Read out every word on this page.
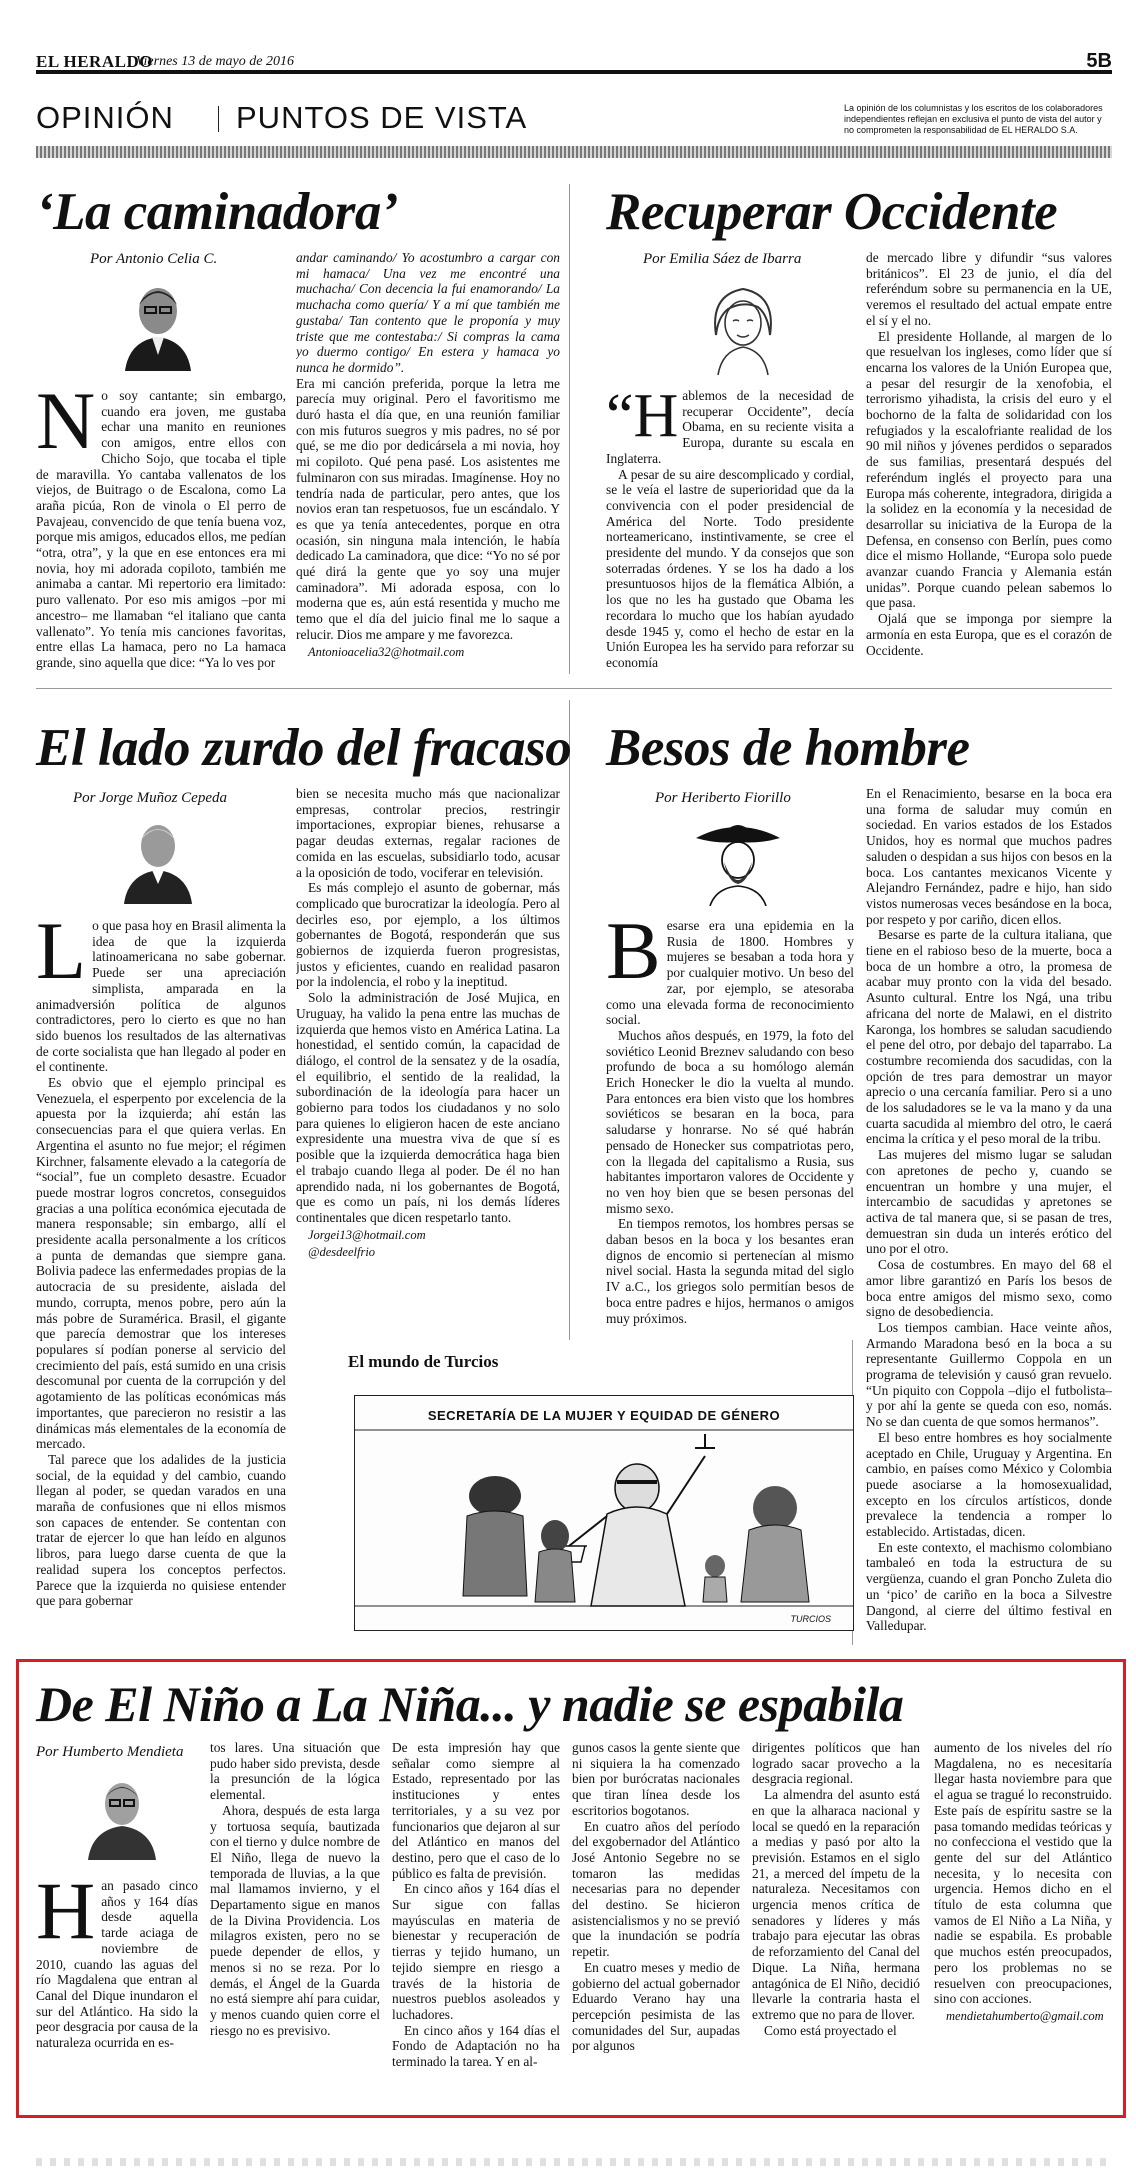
EL HERALDO
Viernes 13 de mayo de 2016	5B
OPINIÓN PUNTOS DE VISTA	La opinión de los columnistas y los escritos de los colaboradores independientes reflejan en exclusiva el punto de vista del autor y no comprometen la responsabilidad de EL HERALDO S.A.
‘La caminadora’
Por Antonio Celia C.

No soy cantante; sin embargo, cuando era joven, me gustaba echar una manito en reuniones con amigos, entre ellos con Chicho Sojo, que tocaba el tiple de maravilla. Yo cantaba vallenatos de los viejos, de Buitrago o de Escalona, como La araña picúa, Ron de vinola o El perro de Pavajeau, convencido de que tenía buena voz, porque mis amigos, educados ellos, me pedían “otra, otra”, y la que en ese entonces era mi novia, hoy mi adorada copiloto, también me animaba a cantar. Mi repertorio era limitado: puro vallenato. Por eso mis amigos –por mi ancestro– me llamaban “el italiano que canta vallenato”. Yo tenía mis canciones favoritas, entre ellas La hamaca, pero no La hamaca grande, sino aquella que dice: “Ya lo ves por

andar caminando/ Yo acostumbro a cargar con mi hamaca/ Una vez me encontré una muchacha/ Con decencia la fui enamorando/ La muchacha como quería/ Y a mí que también me gustaba/ Tan contento que le proponía y muy triste que me contestaba:/ Si compras la cama yo duermo contigo/ En estera y hamaca yo nunca he dormido”.

Era mi canción preferida, porque la letra me parecía muy original. Pero el favoritismo me duró hasta el día que, en una reunión familiar con mis futuros suegros y mis padres, no sé por qué, se me dio por dedicársela a mi novia, hoy mi copiloto. Qué pena pasé. Los asistentes me fulminaron con sus miradas. Imagínense. Hoy no tendría nada de particular, pero antes, que los novios eran tan respetuosos, fue un escándalo. Y es que ya tenía antecedentes, porque en otra ocasión, sin ninguna mala intención, le había dedicado La caminadora, que dice: “Yo no sé por qué dirá la gente que yo soy una mujer caminadora”. Mi adorada esposa, con lo moderna que es, aún está resentida y mucho me temo que el día del juicio final me lo saque a relucir. Dios me ampare y me favorezca.

Antonioacelia32@hotmail.com

Recuperar Occidente
Por Emilia Sáez de Ibarra

“Hablemos de la necesidad de recuperar Occidente”, decía Obama, en su reciente visita a Europa, durante su escala en Inglaterra.

A pesar de su aire descomplicado y cordial, se le veía el lastre de superioridad que da la convivencia con el poder presidencial de América del Norte. Todo presidente norteamericano, instintivamente, se cree el presidente del mundo. Y da consejos que son soterradas órdenes. Y se los ha dado a los presuntuosos hijos de la flemática Albión, a los que no les ha gustado que Obama les recordara lo mucho que los habían ayudado desde 1945 y, como el hecho de estar en la Unión Europea les ha servido para reforzar su economía

de mercado libre y difundir “sus valores británicos”. El 23 de junio, el día del referéndum sobre su permanencia en la UE, veremos el resultado del actual empate entre el sí y el no.

El presidente Hollande, al margen de lo que resuelvan los ingleses, como líder que sí encarna los valores de la Unión Europea que, a pesar del resurgir de la xenofobia, el terrorismo yihadista, la crisis del euro y el bochorno de la falta de solidaridad con los refugiados y la escalofriante realidad de los 90 mil niños y jóvenes perdidos o separados de sus familias, presentará después del referéndum inglés el proyecto para una Europa más coherente, integradora, dirigida a la solidez en la economía y la necesidad de desarrollar su iniciativa de la Europa de la Defensa, en consenso con Berlín, pues como dice el mismo Hollande, “Europa solo puede avanzar cuando Francia y Alemania están unidas”. Porque cuando pelean sabemos lo que pasa.

Ojalá que se imponga por siempre la armonía en esta Europa, que es el corazón de Occidente.

El lado zurdo del fracaso
Por Jorge Muñoz Cepeda

Lo que pasa hoy en Brasil alimenta la idea de que la izquierda latinoamericana no sabe gobernar. Puede ser una apreciación simplista, amparada en la animadversión política de algunos contradictores, pero lo cierto es que no han sido buenos los resultados de las alternativas de corte socialista que han llegado al poder en el continente.

Es obvio que el ejemplo principal es Venezuela, el esperpento por excelencia de la apuesta por la izquierda; ahí están las consecuencias para el que quiera verlas. En Argentina el asunto no fue mejor; el régimen Kirchner, falsamente elevado a la categoría de “social”, fue un completo desastre. Ecuador puede mostrar logros concretos, conseguidos gracias a una política económica ejecutada de manera responsable; sin embargo, allí el presidente acalla personalmente a los críticos a punta de demandas que siempre gana. Bolivia padece las enfermedades propias de la autocracia de su presidente, aislada del mundo, corrupta, menos pobre, pero aún la más pobre de Suramérica. Brasil, el gigante que parecía demostrar que los intereses populares sí podían ponerse al servicio del crecimiento del país, está sumido en una crisis descomunal por cuenta de la corrupción y del agotamiento de las políticas económicas más importantes, que parecieron no resistir a las dinámicas más elementales de la economía de mercado.

Tal parece que los adalides de la justicia social, de la equidad y del cambio, cuando llegan al poder, se quedan varados en una maraña de confusiones que ni ellos mismos son capaces de entender. Se contentan con tratar de ejercer lo que han leído en algunos libros, para luego darse cuenta de que la realidad supera los conceptos perfectos. Parece que la izquierda no quisiese entender que para gobernar

bien se necesita mucho más que nacionalizar empresas, controlar precios, restringir importaciones, expropiar bienes, rehusarse a pagar deudas externas, regalar raciones de comida en las escuelas, subsidiarlo todo, acusar a la oposición de todo, vociferar en televisión.

Es más complejo el asunto de gobernar, más complicado que burocratizar la ideología. Pero al decirles eso, por ejemplo, a los últimos gobernantes de Bogotá, responderán que sus gobiernos de izquierda fueron progresistas, justos y eficientes, cuando en realidad pasaron por la indolencia, el robo y la ineptitud.

Solo la administración de José Mujica, en Uruguay, ha valido la pena entre las muchas de izquierda que hemos visto en América Latina. La honestidad, el sentido común, la capacidad de diálogo, el control de la sensatez y de la osadía, el equilibrio, el sentido de la realidad, la subordinación de la ideología para hacer un gobierno para todos los ciudadanos y no solo para quienes lo eligieron hacen de este anciano expresidente una muestra viva de que sí es posible que la izquierda democrática haga bien el trabajo cuando llega al poder. De él no han aprendido nada, ni los gobernantes de Bogotá, que es como un país, ni los demás líderes continentales que dicen respetarlo tanto.

Jorgei13@hotmail.com

@desdeelfrio

Besos de hombre
Por Heriberto Fiorillo

Besarse era una epidemia en la Rusia de 1800. Hombres y mujeres se besaban a toda hora y por cualquier motivo. Un beso del zar, por ejemplo, se atesoraba como una elevada forma de reconocimiento social.

Muchos años después, en 1979, la foto del soviético Leonid Breznev saludando con beso profundo de boca a su homólogo alemán Erich Honecker le dio la vuelta al mundo. Para entonces era bien visto que los hombres soviéticos se besaran en la boca, para saludarse y honrarse. No sé qué habrán pensado de Honecker sus compatriotas pero, con la llegada del capitalismo a Rusia, sus habitantes importaron valores de Occidente y no ven hoy bien que se besen personas del mismo sexo.

En tiempos remotos, los hombres persas se daban besos en la boca y los besantes eran dignos de encomio si pertenecían al mismo nivel social. Hasta la segunda mitad del siglo IV a.C., los griegos solo permitían besos de boca entre padres e hijos, hermanos o amigos muy próximos.

En el Renacimiento, besarse en la boca era una forma de saludar muy común en sociedad. En varios estados de los Estados Unidos, hoy es normal que muchos padres saluden o despidan a sus hijos con besos en la boca. Los cantantes mexicanos Vicente y Alejandro Fernández, padre e hijo, han sido vistos numerosas veces besándose en la boca, por respeto y por cariño, dicen ellos.

Besarse es parte de la cultura italiana, que tiene en el rabioso beso de la muerte, boca a boca de un hombre a otro, la promesa de acabar muy pronto con la vida del besado. Asunto cultural. Entre los Ngá, una tribu africana del norte de Malawi, en el distrito Karonga, los hombres se saludan sacudiendo el pene del otro, por debajo del taparrabo. La costumbre recomienda dos sacudidas, con la opción de tres para demostrar un mayor aprecio o una cercanía familiar. Pero si a uno de los saludadores se le va la mano y da una cuarta sacudida al miembro del otro, le caerá encima la crítica y el peso moral de la tribu.

Las mujeres del mismo lugar se saludan con apretones de pecho y, cuando se encuentran un hombre y una mujer, el intercambio de sacudidas y apretones se activa de tal manera que, si se pasan de tres, demuestran sin duda un interés erótico del uno por el otro.

Cosa de costumbres. En mayo del 68 el amor libre garantizó en París los besos de boca entre amigos del mismo sexo, como signo de desobediencia.

Los tiempos cambian. Hace veinte años, Armando Maradona besó en la boca a su representante Guillermo Coppola en un programa de televisión y causó gran revuelo. “Un piquito con Coppola –dijo el futbolista– y por ahí la gente se queda con eso, nomás. No se dan cuenta de que somos hermanos”.

El beso entre hombres es hoy socialmente aceptado en Chile, Uruguay y Argentina. En cambio, en países como México y Colombia puede asociarse a la homosexualidad, excepto en los círculos artísticos, donde prevalece la tendencia a romper lo establecido. Artistadas, dicen.

En este contexto, el machismo colombiano tambaleó en toda la estructura de su vergüenza, cuando el gran Poncho Zuleta dio un ‘pico’ de cariño en la boca a Silvestre Dangond, al cierre del último festival en Valledupar.

El mundo de Turcios
SECRETARÍA DE LA MUJER Y EQUIDAD DE GÉNERO
TURCIOS
De El Niño a La Niña... y nadie se espabila
Por Humberto Mendieta

Han pasado cinco años y 164 días desde aquella tarde aciaga de noviembre de 2010, cuando las aguas del río Magdalena que entran al Canal del Dique inundaron el sur del Atlántico. Ha sido la peor desgracia por causa de la naturaleza ocurrida en es-

tos lares. Una situación que pudo haber sido prevista, desde la presunción de la lógica elemental.

Ahora, después de esta larga y tortuosa sequía, bautizada con el tierno y dulce nombre de El Niño, llega de nuevo la temporada de lluvias, a la que mal llamamos invierno, y el Departamento sigue en manos de la Divina Providencia. Los milagros existen, pero no se puede depender de ellos, y menos si no se reza. Por lo demás, el Ángel de la Guarda no está siempre ahí para cuidar, y menos cuando quien corre el riesgo no es previsivo.

De esta impresión hay que señalar como siempre al Estado, representado por las instituciones y entes territoriales, y a su vez por funcionarios que dejaron al sur del Atlántico en manos del destino, pero que el caso de lo público es falta de previsión.

En cinco años y 164 días el Sur sigue con fallas mayúsculas en materia de bienestar y recuperación de tierras y tejido humano, un tejido siempre en riesgo a través de la historia de nuestros pueblos asoleados y luchadores.

En cinco años y 164 días el Fondo de Adaptación no ha terminado la tarea. Y en al-

gunos casos la gente siente que ni siquiera la ha comenzado bien por burócratas nacionales que tiran línea desde los escritorios bogotanos.

En cuatro años del período del exgobernador del Atlántico José Antonio Segebre no se tomaron las medidas necesarias para no depender del destino. Se hicieron asistencialismos y no se previó que la inundación se podría repetir.

En cuatro meses y medio de gobierno del actual gobernador Eduardo Verano hay una percepción pesimista de las comunidades del Sur, aupadas por algunos

dirigentes políticos que han logrado sacar provecho a la desgracia regional.

La almendra del asunto está en que la alharaca nacional y local se quedó en la reparación a medias y pasó por alto la previsión. Estamos en el siglo 21, a merced del ímpetu de la naturaleza. Necesitamos con urgencia menos crítica de senadores y líderes y más trabajo para ejecutar las obras de reforzamiento del Canal del Dique. La Niña, hermana antagónica de El Niño, decidió llevarle la contraria hasta el extremo que no para de llover.

Como está proyectado el

aumento de los niveles del río Magdalena, no es necesitaría llegar hasta noviembre para que el agua se tragué lo reconstruido. Este país de espíritu sastre se la pasa tomando medidas teóricas y no confecciona el vestido que la gente del sur del Atlántico necesita, y lo necesita con urgencia. Hemos dicho en el título de esta columna que vamos de El Niño a La Niña, y nadie se espabila. Es probable que muchos estén preocupados, pero los problemas no se resuelven con preocupaciones, sino con acciones.

mendietahumberto@gmail.com
